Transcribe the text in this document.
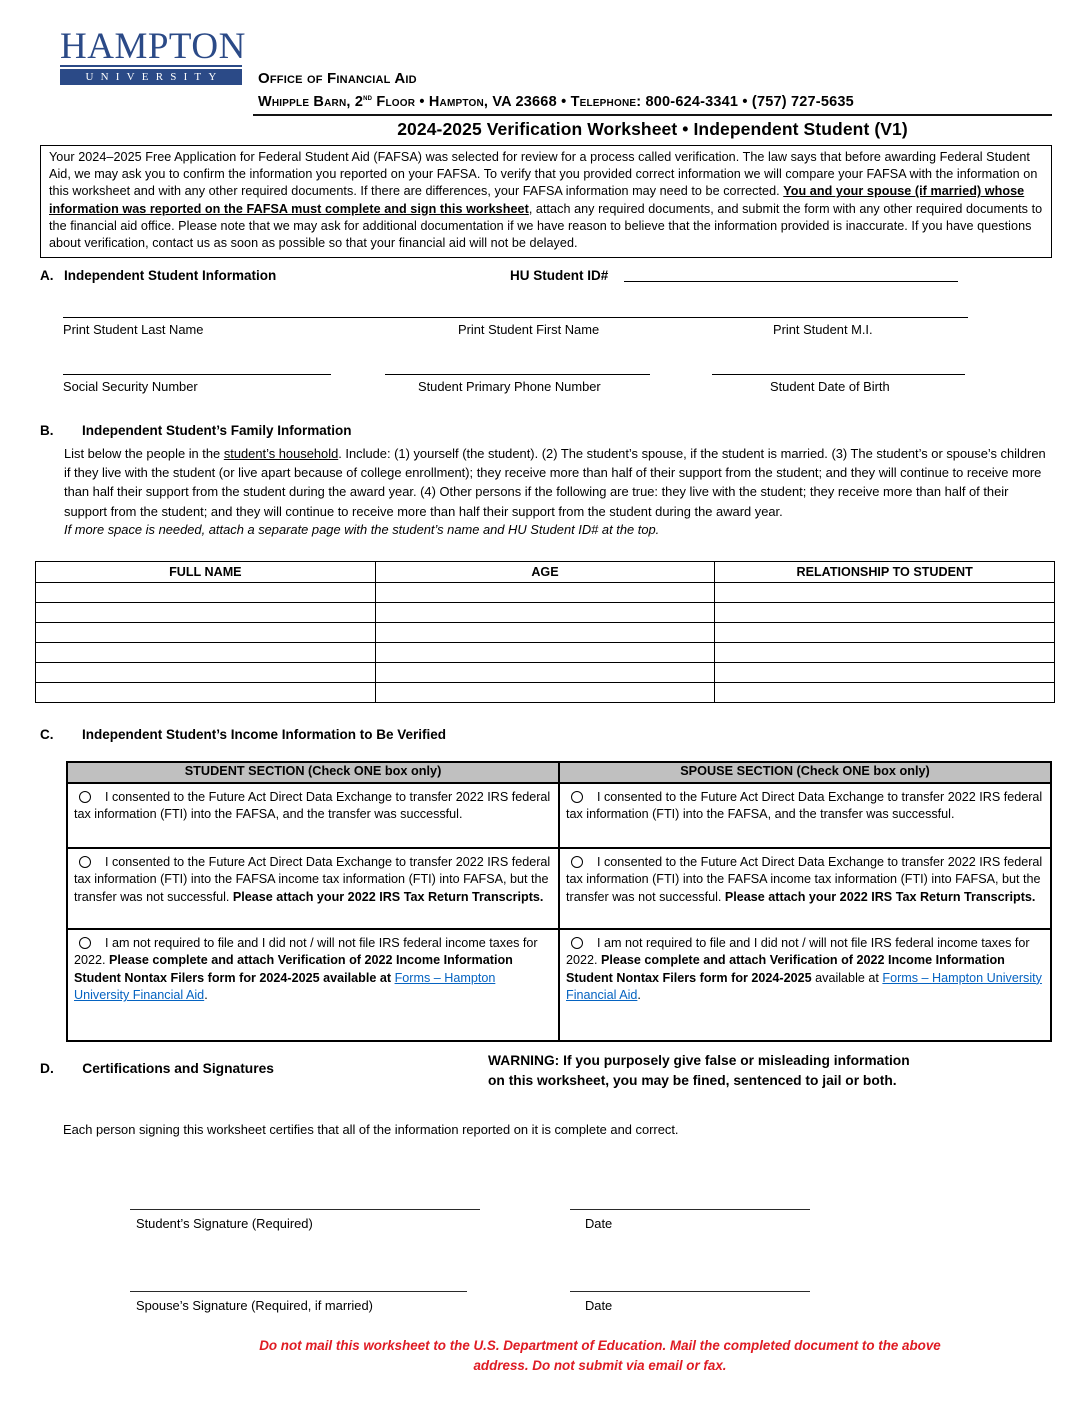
HAMPTON
UNIVERSITY	Office of Financial Aid
Whipple Barn, 2nd Floor • Hampton, VA 23668 • Telephone: 800-624-3341 • (757) 727-5635
2024-2025 Verification Worksheet • Independent Student (V1)
Your 2024–2025 Free Application for Federal Student Aid (FAFSA) was selected for review for a process called verification. The law says that before awarding Federal Student Aid, we may ask you to confirm the information you reported on your FAFSA. To verify that you provided correct information we will compare your FAFSA with the information on this worksheet and with any other required documents. If there are differences, your FAFSA information may need to be corrected. You and your spouse (if married) whose information was reported on the FAFSA must complete and sign this worksheet, attach any required documents, and submit the form with any other required documents to the financial aid office. Please note that we may ask for additional documentation if we have reason to believe that the information provided is inaccurate. If you have questions about verification, contact us as soon as possible so that your financial aid will not be delayed.
A. Independent Student Information	HU Student ID#
Print Student Last Name	Print Student First Name	Print Student M.I.
Social Security Number	Student Primary Phone Number	Student Date of Birth
B. Independent Student’s Family Information
List below the people in the student’s household. Include: (1) yourself (the student). (2) The student’s spouse, if the student is married. (3) The student’s or spouse’s children if they live with the student (or live apart because of college enrollment); they receive more than half of their support from the student; and they will continue to receive more than half their support from the student during the award year. (4) Other persons if the following are true: they live with the student; they receive more than half of their support from the student; and they will continue to receive more than half their support from the student during the award year.
If more space is needed, attach a separate page with the student’s name and HU Student ID# at the top.
FULL NAME	AGE	RELATIONSHIP TO STUDENT

C. Independent Student’s Income Information to Be Verified
STUDENT SECTION (Check ONE box only)	SPOUSE SECTION (Check ONE box only)
I consented to the Future Act Direct Data Exchange to transfer 2022 IRS federal tax information (FTI) into the FAFSA, and the transfer was successful.	I consented to the Future Act Direct Data Exchange to transfer 2022 IRS federal tax information (FTI) into the FAFSA, and the transfer was successful.
I consented to the Future Act Direct Data Exchange to transfer 2022 IRS federal tax information (FTI) into the FAFSA income tax information (FTI) into FAFSA, but the transfer was not successful. Please attach your 2022 IRS Tax Return Transcripts.	I consented to the Future Act Direct Data Exchange to transfer 2022 IRS federal tax information (FTI) into the FAFSA income tax information (FTI) into FAFSA, but the transfer was not successful. Please attach your 2022 IRS Tax Return Transcripts.
I am not required to file and I did not / will not file IRS federal income taxes for 2022. Please complete and attach Verification of 2022 Income Information Student Nontax Filers form for 2024-2025 available at Forms – Hampton University Financial Aid.	I am not required to file and I did not / will not file IRS federal income taxes for 2022. Please complete and attach Verification of 2022 Income Information Student Nontax Filers form for 2024-2025 available at Forms – Hampton University Financial Aid.
D. Certifications and Signatures
WARNING: If you purposely give false or misleading information on this worksheet, you may be fined, sentenced to jail or both.
Each person signing this worksheet certifies that all of the information reported on it is complete and correct.
Student’s Signature (Required)	Date
Spouse’s Signature (Required, if married)	Date
Do not mail this worksheet to the U.S. Department of Education. Mail the completed document to the above address. Do not submit via email or fax.
